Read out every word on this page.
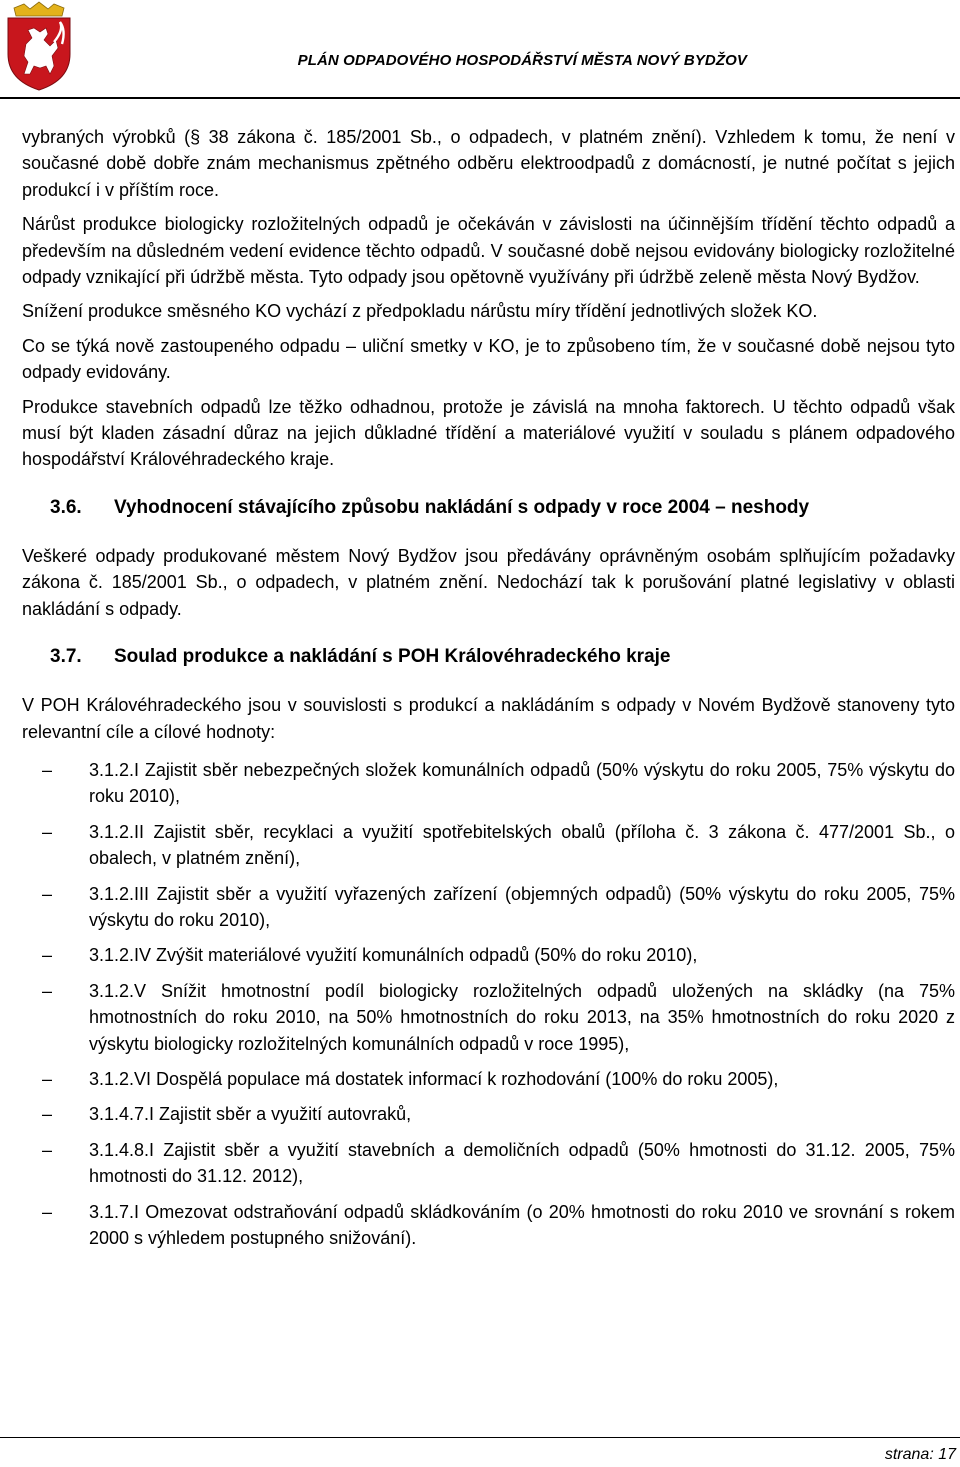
PLÁN ODPADOVÉHO HOSPODÁŘSTVÍ MĚSTA NOVÝ BYDŽOV

vybraných výrobků (§ 38 zákona č. 185/2001 Sb., o odpadech, v platném znění). Vzhledem k tomu, že není v současné době dobře znám mechanismus zpětného odběru elektroodpadů z domácností, je nutné počítat s jejich produkcí i v příštím roce.

Nárůst produkce biologicky rozložitelných odpadů je očekáván v závislosti na účinnějším třídění těchto odpadů a především na důsledném vedení evidence těchto odpadů. V současné době nejsou evidovány biologicky rozložitelné odpady vznikající při údržbě města. Tyto odpady jsou opětovně využívány při údržbě zeleně města Nový Bydžov.

Snížení produkce směsného KO vychází z předpokladu nárůstu míry třídění jednotlivých složek KO.

Co se týká nově zastoupeného odpadu – uliční smetky v KO, je to způsobeno tím, že v současné době nejsou tyto odpady evidovány.

Produkce stavebních odpadů lze těžko odhadnou, protože je závislá na mnoha faktorech. U těchto odpadů však musí být kladen zásadní důraz na jejich důkladné třídění a materiálové využití v souladu s plánem odpadového hospodářství Královéhradeckého kraje.

3.6.	Vyhodnocení stávajícího způsobu nakládání s odpady v roce 2004 – neshody

Veškeré odpady produkované městem Nový Bydžov jsou předávány oprávněným osobám splňujícím požadavky zákona č. 185/2001 Sb., o odpadech, v platném znění. Nedochází tak k porušování platné legislativy v oblasti nakládání s odpady.

3.7.	Soulad produkce a nakládání s POH Královéhradeckého kraje

V POH Královéhradeckého jsou v souvislosti s produkcí a nakládáním s odpady v Novém Bydžově stanoveny tyto relevantní cíle a cílové hodnoty:

–	3.1.2.I Zajistit sběr nebezpečných složek komunálních odpadů (50% výskytu do roku 2005, 75% výskytu do roku 2010),
–	3.1.2.II Zajistit sběr, recyklaci a využití spotřebitelských obalů (příloha č. 3 zákona č. 477/2001 Sb., o obalech, v platném znění),
–	3.1.2.III Zajistit sběr a využití vyřazených zařízení (objemných odpadů) (50% výskytu do roku 2005, 75% výskytu do roku 2010),
–	3.1.2.IV Zvýšit materiálové využití komunálních odpadů (50% do roku 2010),
–	3.1.2.V Snížit hmotnostní podíl biologicky rozložitelných odpadů uložených na skládky (na 75% hmotnostních do roku 2010, na 50% hmotnostních do roku 2013, na 35% hmotnostních do roku 2020 z výskytu biologicky rozložitelných komunálních odpadů v roce 1995),
–	3.1.2.VI Dospělá populace má dostatek informací k rozhodování (100% do roku 2005),
–	3.1.4.7.I Zajistit sběr a využití autovraků,
–	3.1.4.8.I Zajistit sběr a využití stavebních a demoličních odpadů (50% hmotnosti do 31.12. 2005, 75% hmotnosti do 31.12. 2012),
–	3.1.7.I Omezovat odstraňování odpadů skládkováním (o 20% hmotnosti do roku 2010 ve srovnání s rokem 2000 s výhledem postupného snižování).
strana: 17
